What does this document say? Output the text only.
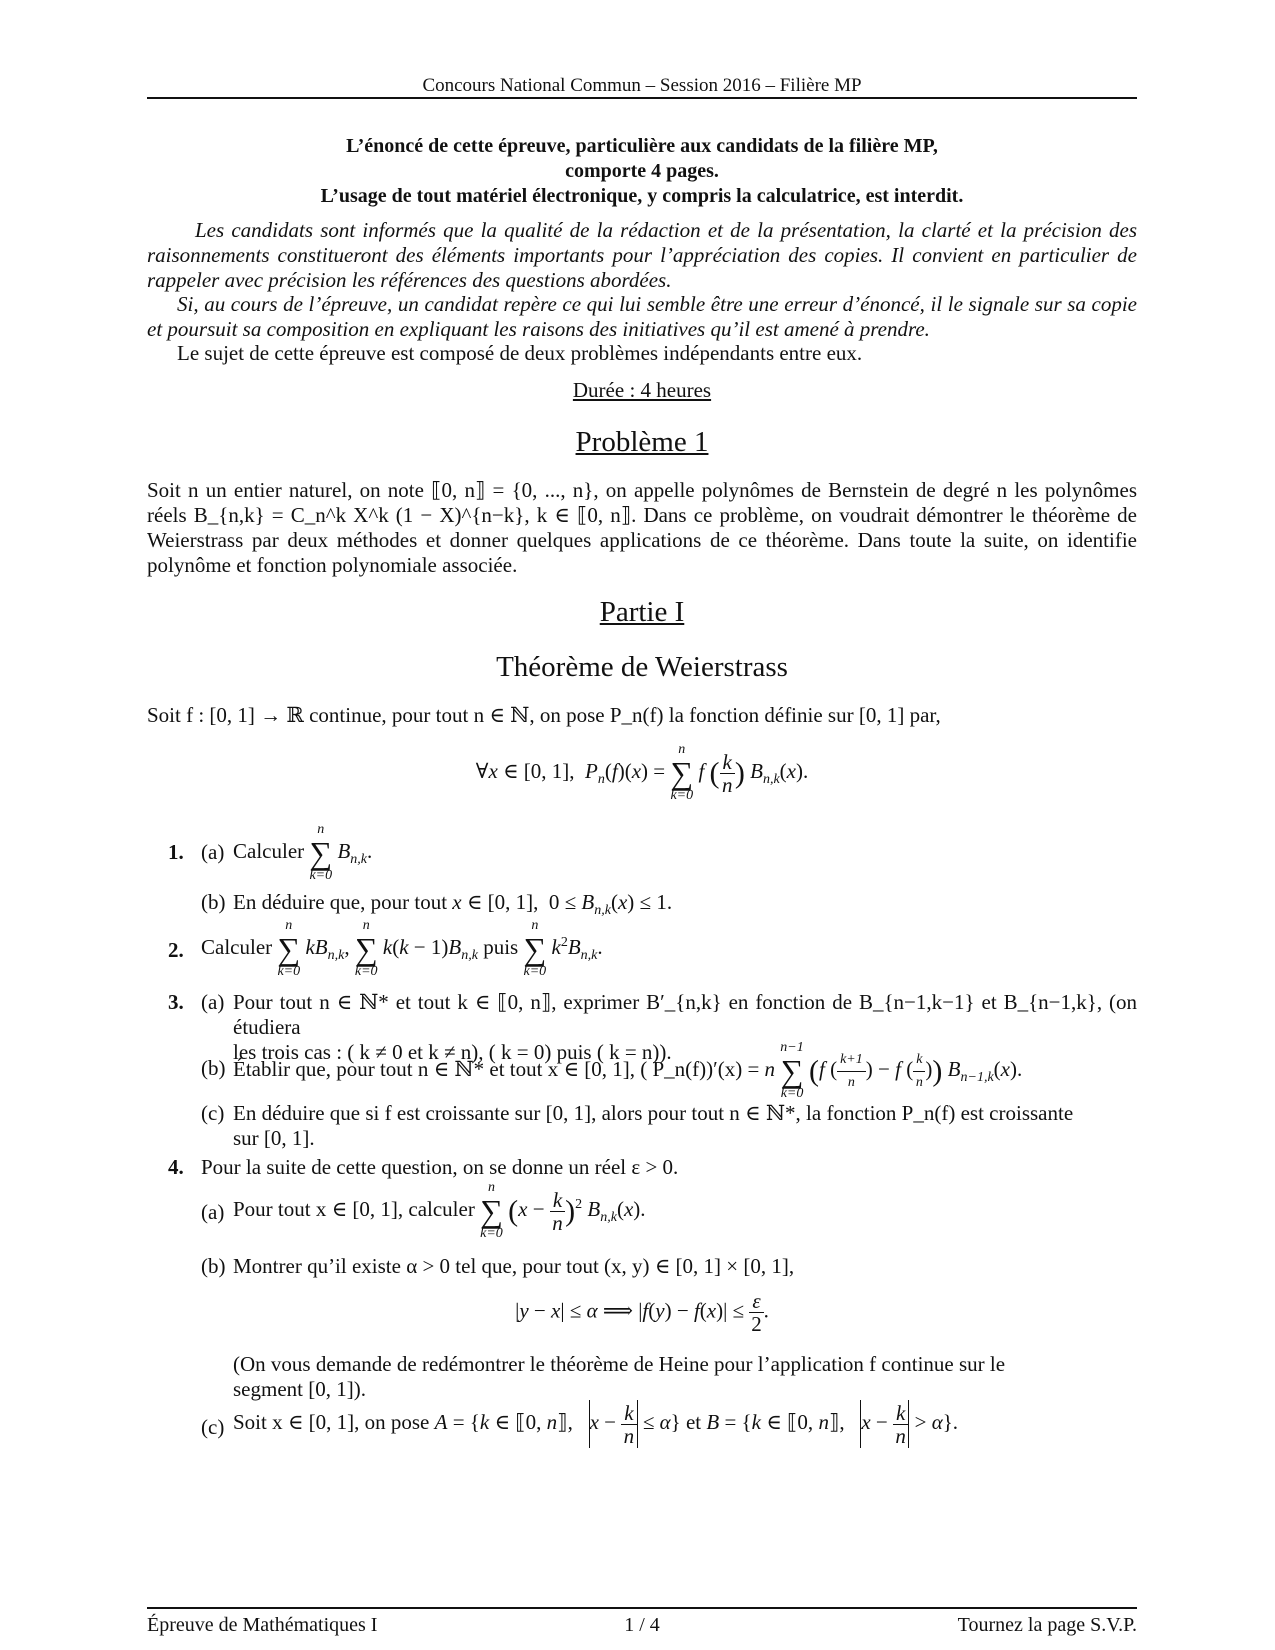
Concours National Commun – Session 2016 – Filière MP
L’énoncé de cette épreuve, particulière aux candidats de la filière MP,
comporte 4 pages.
L’usage de tout matériel électronique, y compris la calculatrice, est interdit.
Les candidats sont informés que la qualité de la rédaction et de la présentation, la clarté et la précision des raisonnements constitueront des éléments importants pour l’appréciation des copies. Il convient en particulier de rappeler avec précision les références des questions abordées.
Si, au cours de l’épreuve, un candidat repère ce qui lui semble être une erreur d’énoncé, il le signale sur sa copie et poursuit sa composition en expliquant les raisons des initiatives qu’il est amené à prendre.
Le sujet de cette épreuve est composé de deux problèmes indépendants entre eux.
Durée : 4 heures
Problème 1
Soit n un entier naturel, on note ⟦0, n⟧ = {0, ..., n}, on appelle polynômes de Bernstein de degré n les polynômes réels B_{n,k} = C_n^k X^k (1 − X)^{n−k}, k ∈ ⟦0, n⟧. Dans ce problème, on voudrait démontrer le théorème de Weierstrass par deux méthodes et donner quelques applications de ce théorème. Dans toute la suite, on identifie polynôme et fonction polynomiale associée.
Partie I
Théorème de Weierstrass
Soit f : [0, 1] → ℝ continue, pour tout n ∈ ℕ, on pose P_n(f) la fonction définie sur [0, 1] par,
∀x ∈ [0, 1],  $P_n(f)(x)$ =
n
∑
k=0
f ( $\frac{k}{n}$ ) $B_{n,k}(x)$.
1. (a) Calculer
n
∑
k=0
$B_{n,k}$.
(b) En déduire que, pour tout x ∈ [0, 1],  $0 \le B_{n,k}(x) \le 1$.
2. Calculer
n
∑
k=0
$kB_{n,k}$,
n
∑
k=0
$k(k - 1)B_{n,k}$ puis
n
∑
k=0
$k^2B_{n,k}$.
3. (a) Pour tout n ∈ ℕ* et tout k ∈ ⟦0, n⟧, exprimer B′_{n,k} en fonction de B_{n−1,k−1} et B_{n−1,k}, (on étudiera
les trois cas : ( k ≠ 0 et k ≠ n), ( k = 0) puis ( k = n)).
(b) Établir que, pour tout n ∈ ℕ* et tout x ∈ [0, 1], ( P_n(f))′(x) = n
n−1
∑
k=0
(f ( $\frac{k+1}{n}$ ) − f ( $\frac{k}{n}$ )) $B_{n-1,k}(x)$.
(c) En déduire que si f est croissante sur [0, 1], alors pour tout n ∈ ℕ*, la fonction P_n(f) est croissante
sur [0, 1].
4. Pour la suite de cette question, on se donne un réel ε > 0.
(a) Pour tout x ∈ [0, 1], calculer
n
∑
k=0
$(x - \frac{k}{n} )^2$ $B_{n,k}(x)$.
(b) Montrer qu’il existe α > 0 tel que, pour tout (x, y) ∈ [0, 1] × [0, 1],
|y − x| ≤ α ⟹ $|f(y) - f(x)| \le \frac{\varepsilon}{2}$ .
(On vous demande de redémontrer le théorème de Heine pour l’application f continue sur le
segment [0, 1]).
(c) Soit x ∈ [0, 1], on pose A = {k ∈ ⟦0, n⟧,   $x - \frac{k}{n} \le \alpha$} et B = {k ∈ ⟦0, n⟧,   $x - \frac{k}{n} > \alpha$}.
Épreuve de Mathématiques I	1 / 4	Tournez la page S.V.P.
